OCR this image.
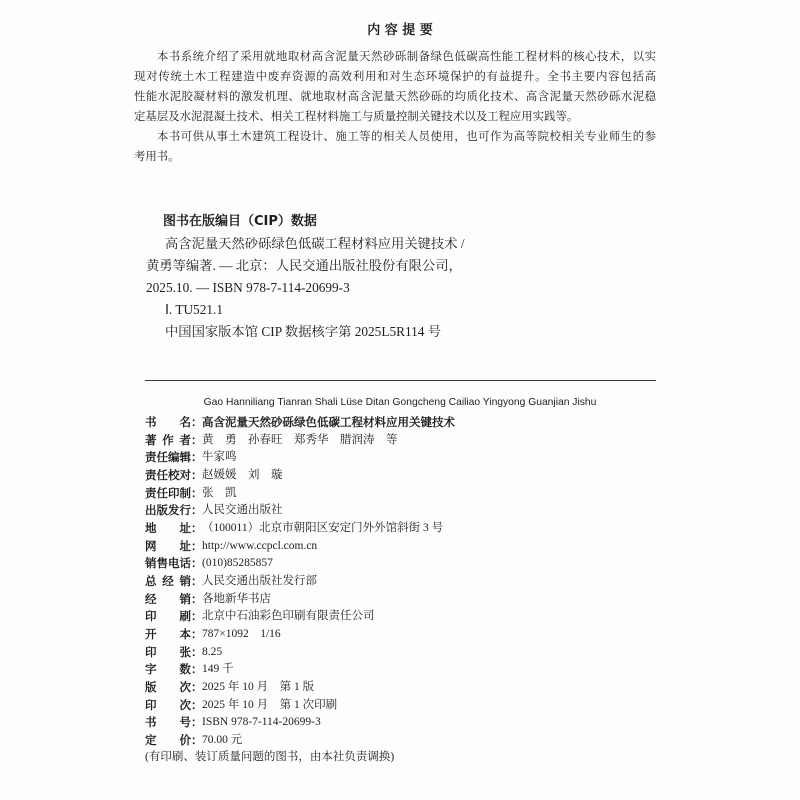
内 容 提 要
本书系统介绍了采用就地取材高含泥量天然砂砾制备绿色低碳高性能工程材料的核心技术，以实
现对传统土木工程建造中废弃资源的高效利用和对生态环境保护的有益提升。全书主要内容包括高
性能水泥胶凝材料的激发机理、就地取材高含泥量天然砂砾的均质化技术、高含泥量天然砂砾水泥稳
定基层及水泥混凝土技术、相关工程材料施工与质量控制关键技术以及工程应用实践等。
本书可供从事土木建筑工程设计、施工等的相关人员使用，也可作为高等院校相关专业师生的参
考用书。
图书在版编目（CIP）数据
高含泥量天然砂砾绿色低碳工程材料应用关键技术 /
黄勇等编著. — 北京：人民交通出版社股份有限公司，
2025.10. — ISBN 978-7-114-20699-3
Ⅰ. TU521.1
中国国家版本馆 CIP 数据核字第 2025L5R114 号
Gao Hanniliang Tianran Shali Lüse Ditan Gongcheng Cailiao Yingyong Guanjian Jishu
书　　名： 高含泥量天然砂砾绿色低碳工程材料应用关键技术
著 作 者： 黄　勇　孙春旺　郑秀华　腊润涛　等
责任编辑： 牛家鸣
责任校对： 赵媛媛　刘　璇
责任印制： 张　凯
出版发行： 人民交通出版社
地　　址： （100011）北京市朝阳区安定门外外馆斜街 3 号
网　　址： http://www.ccpcl.com.cn
销售电话： (010)85285857
总 经 销： 人民交通出版社发行部
经　　销： 各地新华书店
印　　刷： 北京中石油彩色印刷有限责任公司
开　　本： 787×1092　1/16
印　　张： 8.25
字　　数： 149 千
版　　次： 2025 年 10 月　第 1 版
印　　次： 2025 年 10 月　第 1 次印刷
书　　号： ISBN 978-7-114-20699-3
定　　价： 70.00 元
(有印刷、装订质量问题的图书，由本社负责调换)
